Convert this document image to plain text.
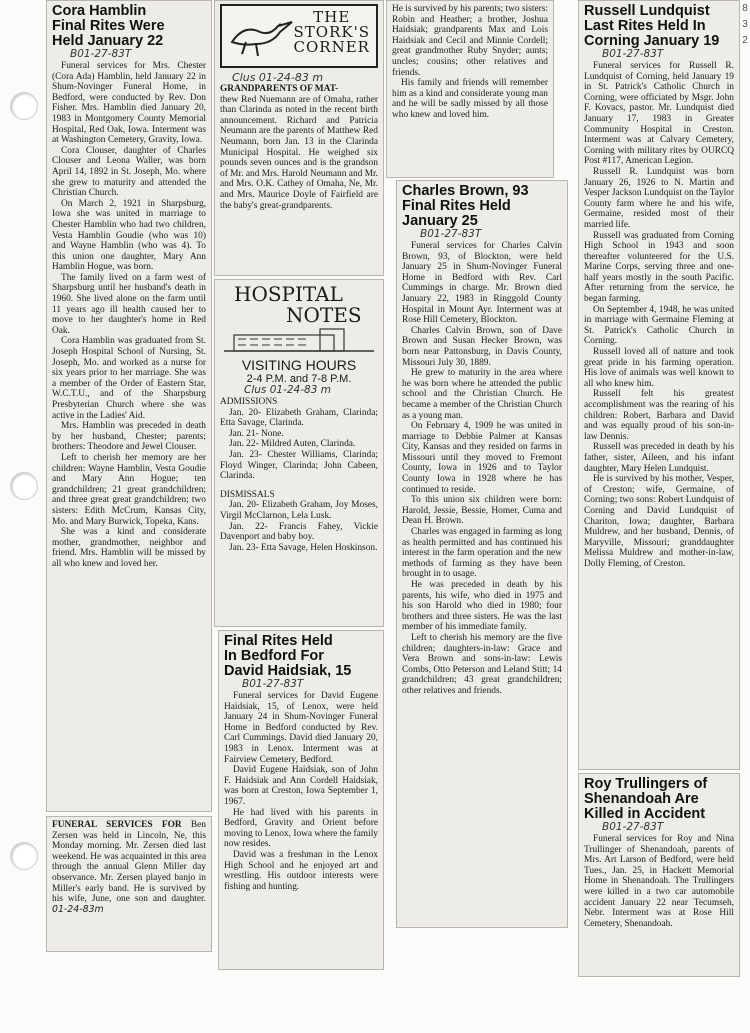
8
3
2
Cora Hamblin
Final Rites Were
Held January 22
B01-27-83T

Funeral services for Mrs. Chester (Cora Ada) Hamblin, held January 22 in Shum-Novinger Funeral Home, in Bedford, were conducted by Rev. Don Fisher. Mrs. Hamblin died January 20, 1983 in Montgomery County Memorial Hospital, Red Oak, Iowa. Interment was at Washington Cemetery, Gravity, Iowa.

Cora Clouser, daughter of Charles Clouser and Leona Waller, was born April 14, 1892 in St. Joseph, Mo. where she grew to maturity and attended the Christian Church.

On March 2, 1921 in Sharpsburg, Iowa she was united in marriage to Chester Hamblin who had two children, Vesta Hamblin Goudie (who was 10) and Wayne Hamblin (who was 4). To this union one daughter, Mary Ann Hamblin Hogue, was born.

The family lived on a farm west of Sharpsburg until her husband's death in 1960. She lived alone on the farm until 11 years ago ill health caused her to move to her daughter's home in Red Oak.

Cora Hamblin was graduated from St. Joseph Hospital School of Nursing, St. Joseph, Mo. and worked as a nurse for six years prior to her marriage. She was a member of the Order of Eastern Star, W.C.T.U., and of the Sharpsburg Presbyterian Church where she was active in the Ladies' Aid.

Mrs. Hamblin was preceded in death by her husband, Chester; parents; brothers: Theodore and Jewel Clouser.

Left to cherish her memory are her children: Wayne Hamblin, Vesta Goudie and Mary Ann Hogue; ten grandchildren; 21 great grandchildren; and three great great grandchildren; two sisters: Edith McCrum, Kansas City, Mo. and Mary Burwick, Topeka, Kans.

She was a kind and considerate mother, grandmother, neighbor and friend. Mrs. Hamblin will be missed by all who knew and loved her.

FUNERAL SERVICES FOR Ben Zersen was held in Lincoln, Ne, this Monday morning. Mr. Zersen died last weekend. He was acquainted in this area through the annual Glenn Miller day observance. Mr. Zersen played banjo in Miller's early band. He is survived by his wife, June, one son and daughter. 01-24-83m

THE
STORK'S
CORNER
Clus 01-24-83 m
GRANDPARENTS OF MAT-

thew Red Nuemann are of Omaha, rather than Clarinda as noted in the recent birth announcement. Richard and Patricia Neumann are the parents of Matthew Red Neumann, born Jan. 13 in the Clarinda Municipal Hospital. He weighed six pounds seven ounces and is the grandson of Mr. and Mrs. Harold Neumann and Mr. and Mrs. O.K. Cathey of Omaha, Ne, Mr. and Mrs. Maurice Doyle of Fairfield are the baby's great-grandparents.

HOSPITAL
NOTES
VISITING HOURS
2-4 P.M. and 7-8 P.M.
Clus 01-24-83 m
ADMISSIONS

Jan. 20- Elizabeth Graham, Clarinda; Etta Savage, Clarinda.

Jan. 21- None.

Jan. 22- Mildred Auten, Clarinda.

Jan. 23- Chester Williams, Clarinda; Floyd Winger, Clarinda; John Cabeen, Clarinda.

DISMISSALS

Jan. 20- Elizabeth Graham, Joy Moses, Virgil McClarnon, Lela Lusk.

Jan. 22- Francis Fahey, Vickie Davenport and baby boy.

Jan. 23- Etta Savage, Helen Hoskinson.

Final Rites Held
In Bedford For
David Haidsiak, 15
B01-27-83T

Funeral services for David Eugene Haidsiak, 15, of Lenox, were held January 24 in Shum-Novinger Funeral Home in Bedford conducted by Rev. Carl Cummings. David died January 20, 1983 in Lenox. Interment was at Fairview Cemetery, Bedford.

David Eugene Haidsiak, son of John F. Haidsiak and Ann Cordell Haidsiak, was born at Creston, Iowa September 1, 1967.

He had lived with his parents in Bedford, Gravity and Orient before moving to Lenox, Iowa where the family now resides.

David was a freshman in the Lenox High School and he enjoyed art and wrestling. His outdoor interests were fishing and hunting.

He is survived by his parents; two sisters: Robin and Heather; a brother, Joshua Haidsiak; grandparents Max and Lois Haidsiak and Cecil and Minnie Cordell; great grandmother Ruby Snyder; aunts; uncles; cousins; other relatives and friends.

His family and friends will remember him as a kind and considerate young man and he will be sadly missed by all those who knew and loved him.

Charles Brown, 93
Final Rites Held
January 25
B01-27-83T

Funeral services for Charles Calvin Brown, 93, of Blockton, were held January 25 in Shum-Novinger Funeral Home in Bedford with Rev. Carl Cummings in charge. Mr. Brown died January 22, 1983 in Ringgold County Hospital in Mount Ayr. Interment was at Rose Hill Cemetery, Blockton.

Charles Calvin Brown, son of Dave Brown and Susan Hecker Brown, was born near Pattonsburg, in Davis County, Missouri July 30, 1889.

He grew to maturity in the area where he was born where he attended the public school and the Christian Church. He became a member of the Christian Church as a young man.

On February 4, 1909 he was united in marriage to Debbie Palmer at Kansas City, Kansas and they resided on farms in Missouri until they moved to Fremont County, Iowa in 1926 and to Taylor County Iowa in 1928 where he has continued to reside.

To this union six children were born: Harold, Jessie, Bessie, Homer, Cuma and Dean H. Brown.

Charles was engaged in farming as long as health permitted and has continued his interest in the farm operation and the new methods of farming as they have been brought in to usage.

He was preceded in death by his parents, his wife, who died in 1975 and his son Harold who died in 1980; four brothers and three sisters. He was the last member of his immediate family.

Left to cherish his memory are the five children; daughters-in-law: Grace and Vera Brown and sons-in-law: Lewis Combs, Otto Peterson and Leland Stitt; 14 grandchildren; 43 great grandchildren; other relatives and friends.

Russell Lundquist
Last Rites Held In
Corning January 19
B01-27-83T

Funeral services for Russell R. Lundquist of Corning, held January 19 in St. Patrick's Catholic Church in Corning, were officiated by Msgr. John F. Kovacs, pastor. Mr. Lundquist died January 17, 1983 in Greater Community Hospital in Creston. Interment was at Calvary Cemetery, Corning with military rites by OURCQ Post #117, American Legion.

Russell R. Lundquist was born January 26, 1926 to N. Martin and Vesper Jackson Lundquist on the Taylor County farm where he and his wife, Germaine, resided most of their married life.

Russell was graduated from Corning High School in 1943 and soon thereafter volunteered for the U.S. Marine Corps, serving three and one-half years mostly in the south Pacific. After returning from the service, he began farming.

On September 4, 1948, he was united in marriage with Germaine Fleming at St. Patrick's Catholic Church in Corning.

Russell loved all of nature and took great pride in his farming operation. His love of animals was well known to all who knew him.

Russell felt his greatest accomplishment was the rearing of his children: Robert, Barbara and David and was equally proud of his son-in-law Dennis.

Russell was preceded in death by his father, sister, Aileen, and his infant daughter, Mary Helen Lundquist.

He is survived by his mother, Vesper, of Creston; wife, Germaine, of Corning; two sons: Robert Lundquist of Corning and David Lundquist of Chariton, Iowa; daughter, Barbara Muldrew, and her husband, Dennis, of Maryville, Missouri; granddaughter Melissa Muldrew and mother-in-law, Dolly Fleming, of Creston.

Roy Trullingers of
Shenandoah Are
Killed in Accident
B01-27-83T

Funeral services for Roy and Nina Trullinger of Shenandoah, parents of Mrs. Art Larson of Bedford, were held Tues., Jan. 25, in Hackett Memorial Home in Shenandoah. The Trullingers were killed in a two car automobile accident January 22 near Tecumseh, Nebr. Interment was at Rose Hill Cemetery, Shenandoah.
